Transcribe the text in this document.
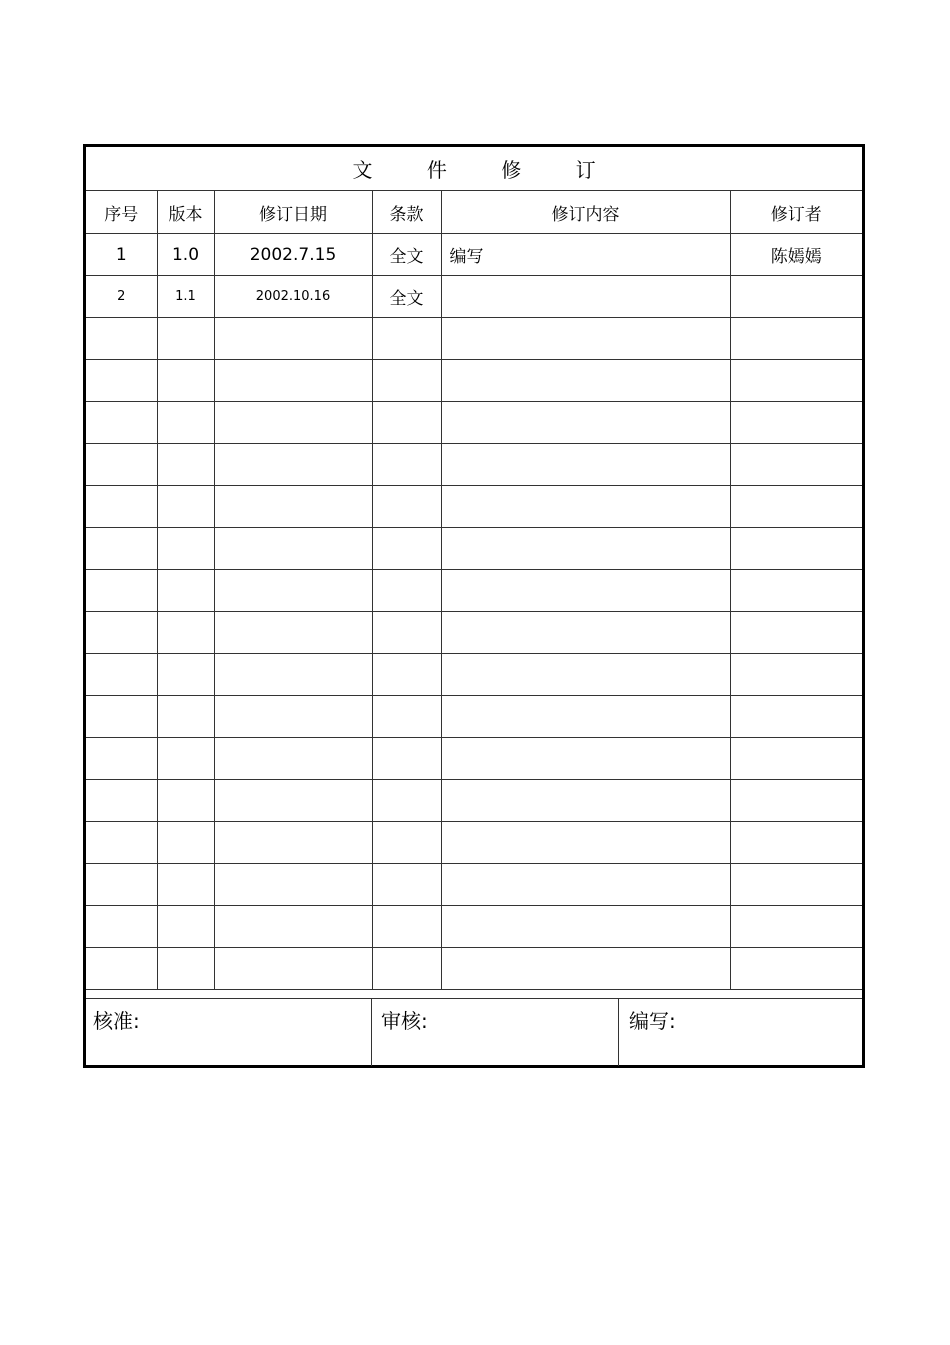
文 件 修 订					
序号	版本	修订日期	条款	修订内容	修订者
1	1.0	2002.7.15	全文	编写	陈嫣嫣
2	1.1	2002.10.16	全文		

核准:	审核:	编写:
